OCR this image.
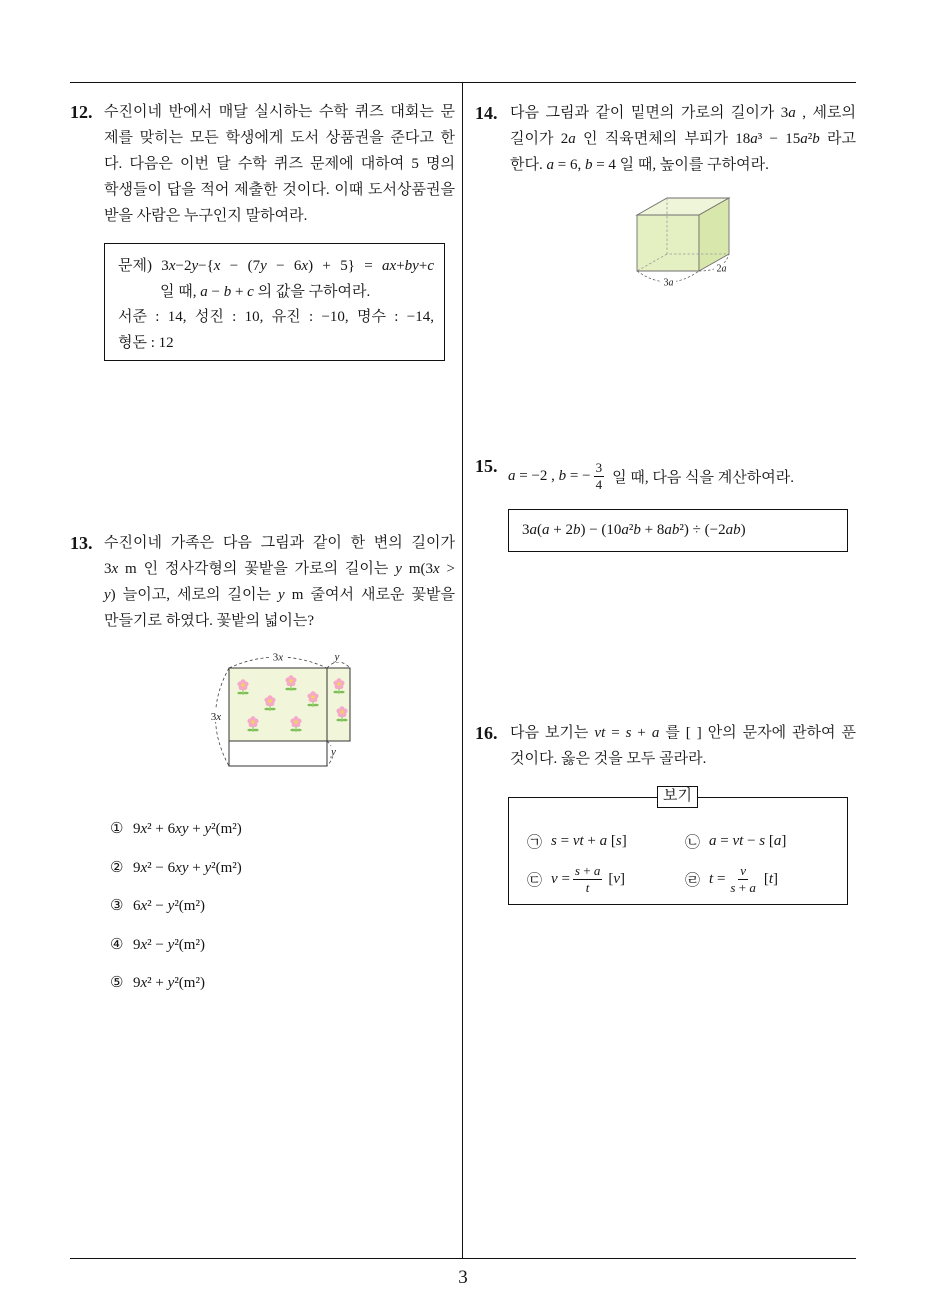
12. 수진이네 반에서 매달 실시하는 수학 퀴즈 대회는 문
제를 맞히는 모든 학생에게 도서 상품권을 준다고 한
다. 다음은 이번 달 수학 퀴즈 문제에 대하여 5 명의
학생들이 답을 적어 제출한 것이다. 이때 도서상품권을
받을 사람은 누구인지 말하여라.
문제) 3x−2y−{x − (7y − 6x) + 5} = ax+by+c
일 때, a − b + c 의 값을 구하여라.
서준 : 14, 성진 : 10, 유진 : −10, 명수 : −14,
형돈 : 12
13. 수진이네 가족은 다음 그림과 같이 한 변의 길이가
3x m 인 정사각형의 꽃밭을 가로의 길이는 y m(3x >
y) 늘이고, 세로의 길이는 y m 줄여서 새로운 꽃밭을
만들기로 하였다. 꽃밭의 넓이는?
3x	y
3x
y
① 9x² + 6xy + y²(m²)
② 9x² − 6xy + y²(m²)
③ 6x² − y²(m²)
④ 9x² − y²(m²)
⑤ 9x² + y²(m²)
14. 다음 그림과 같이 밑면의 가로의 길이가 3a , 세로의
길이가 2a 인 직육면체의 부피가 18a³ − 15a²b 라고
한다. a = 6, b = 4 일 때, 높이를 구하여라.
3a
2a
15. a = −2 , b = − $\frac{3}{4}$ 일 때, 다음 식을 계산하여라.
3a(a + 2b) − (10a²b + 8ab²) ÷ (−2ab)
16. 다음 보기는 vt = s + a 를 [ ] 안의 문자에 관하여 푼
것이다. 옳은 것을 모두 골라라.
보기
㉠ s = vt + a [s]	㉡ a = vt − s [a]
㉢ $v = \frac{s + a}{t} [v]$	㉣ $t = \frac{v}{s + a} [t]$
3
